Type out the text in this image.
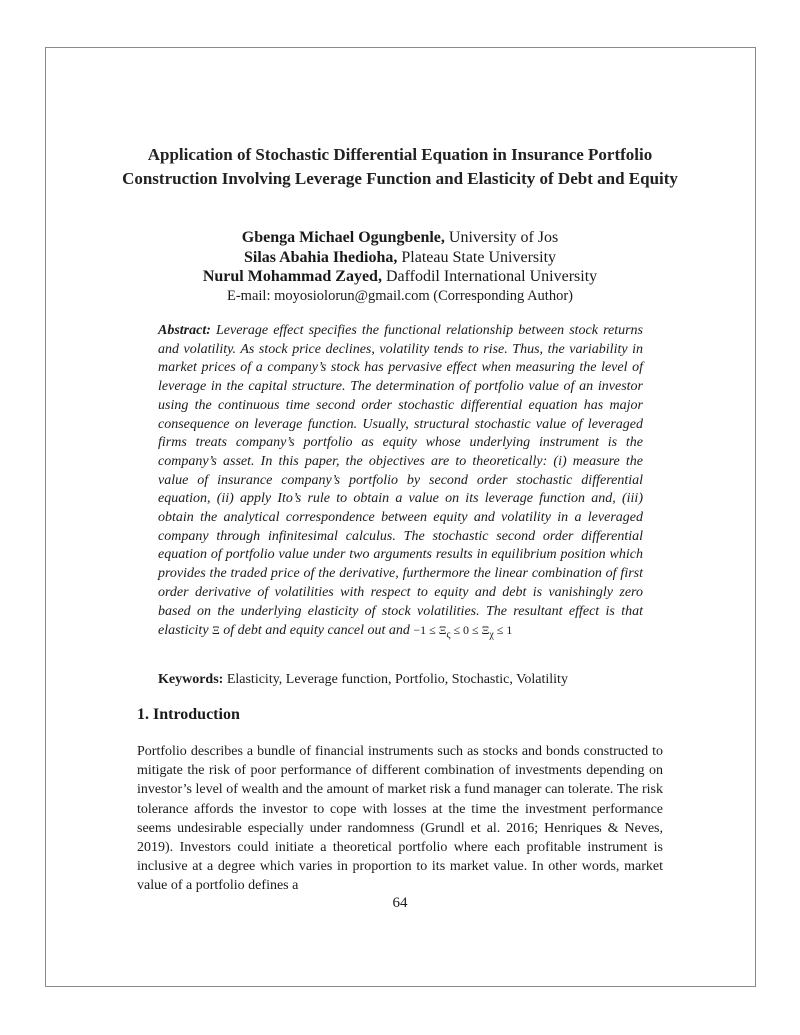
Application of Stochastic Differential Equation in Insurance Portfolio Construction Involving Leverage Function and Elasticity of Debt and Equity
Gbenga Michael Ogungbenle, University of Jos
Silas Abahia Ihedioha, Plateau State University
Nurul Mohammad Zayed, Daffodil International University
E-mail: moyosiolorun@gmail.com (Corresponding Author)

Abstract: Leverage effect specifies the functional relationship between stock returns and volatility. As stock price declines, volatility tends to rise. Thus, the variability in market prices of a company’s stock has pervasive effect when measuring the level of leverage in the capital structure. The determination of portfolio value of an investor using the continuous time second order stochastic differential equation has major consequence on leverage function. Usually, structural stochastic value of leveraged firms treats company’s portfolio as equity whose underlying instrument is the company’s asset. In this paper, the objectives are to theoretically: (i) measure the value of insurance company’s portfolio by second order stochastic differential equation, (ii) apply Ito’s rule to obtain a value on its leverage function and, (iii) obtain the analytical correspondence between equity and volatility in a leveraged company through infinitesimal calculus. The stochastic second order differential equation of portfolio value under two arguments results in equilibrium position which provides the traded price of the derivative, furthermore the linear combination of first order derivative of volatilities with respect to equity and debt is vanishingly zero based on the underlying elasticity of stock volatilities. The resultant effect is that elasticity Ξ of debt and equity cancel out and $-1 \le \Xi_\varsigma \le 0 \le \Xi_\chi \le 1$

Keywords: Elasticity, Leverage function, Portfolio, Stochastic, Volatility

1. Introduction

Portfolio describes a bundle of financial instruments such as stocks and bonds constructed to mitigate the risk of poor performance of different combination of investments depending on investor’s level of wealth and the amount of market risk a fund manager can tolerate. The risk tolerance affords the investor to cope with losses at the time the investment performance seems undesirable especially under randomness (Grundl et al. 2016; Henriques & Neves, 2019). Investors could initiate a theoretical portfolio where each profitable instrument is inclusive at a degree which varies in proportion to its market value. In other words, market value of a portfolio defines a

64
